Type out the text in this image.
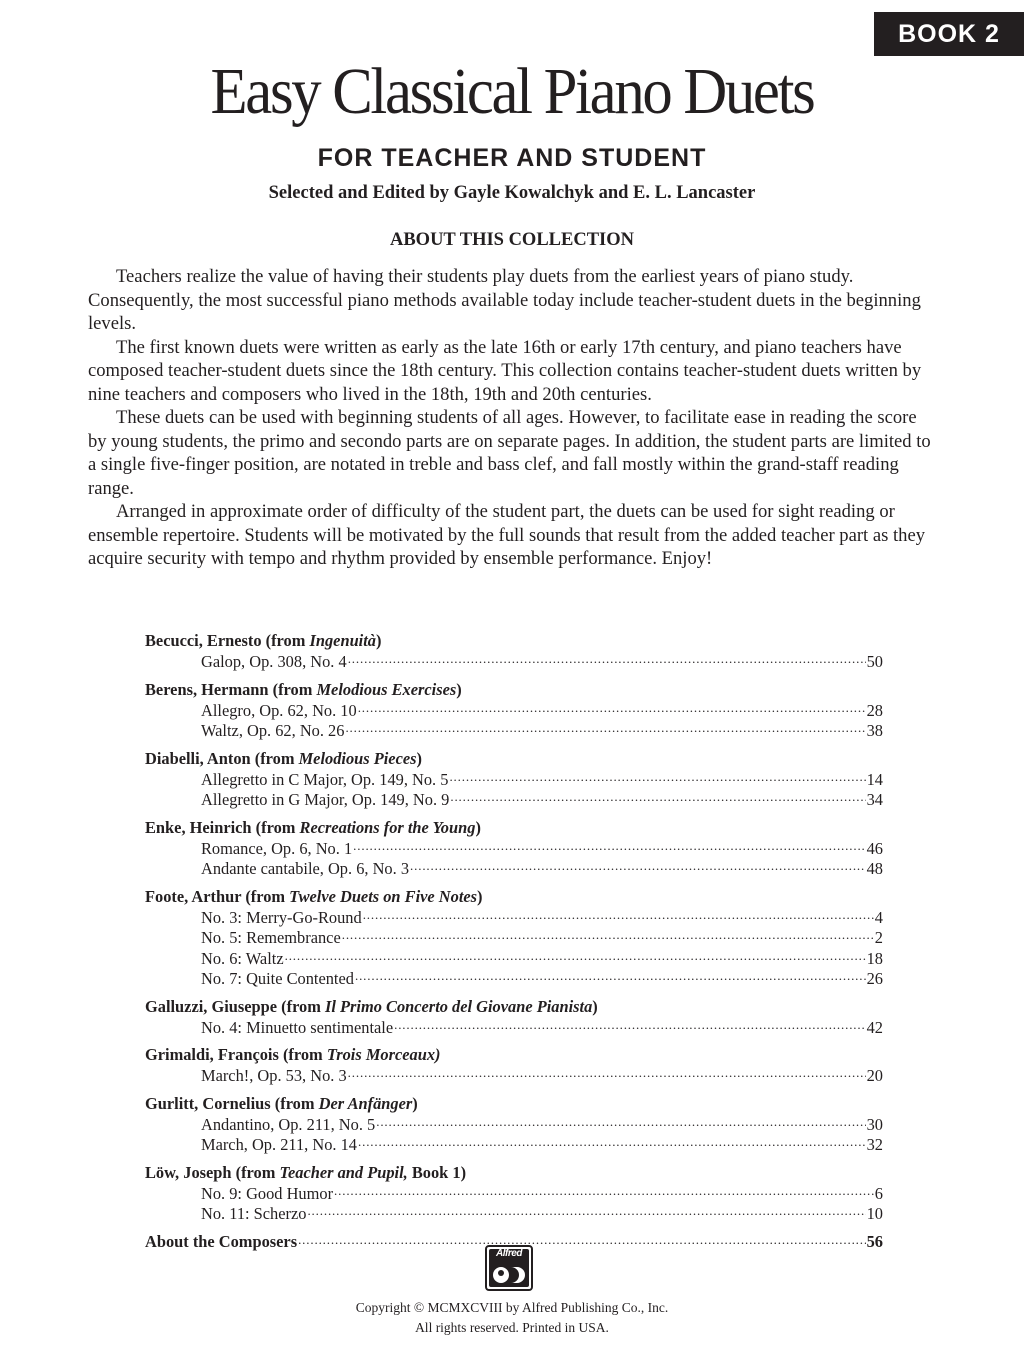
BOOK 2
Easy Classical Piano Duets
FOR TEACHER AND STUDENT
Selected and Edited by Gayle Kowalchyk and E. L. Lancaster
ABOUT THIS COLLECTION

Teachers realize the value of having their students play duets from the earliest years of piano study. Consequently, the most successful piano methods available today include teacher-student duets in the beginning levels.

The first known duets were written as early as the late 16th or early 17th century, and piano teachers have composed teacher-student duets since the 18th century. This collection contains teacher-student duets written by nine teachers and composers who lived in the 18th, 19th and 20th centuries.

These duets can be used with beginning students of all ages. However, to facilitate ease in reading the score by young students, the primo and secondo parts are on separate pages. In addition, the student parts are limited to a single five-finger position, are notated in treble and bass clef, and fall mostly within the grand-staff reading range.

Arranged in approximate order of difficulty of the student part, the duets can be used for sight reading or ensemble repertoire. Students will be motivated by the full sounds that result from the added teacher part as they acquire security with tempo and rhythm provided by ensemble performance. Enjoy!

Becucci, Ernesto (from Ingenuità)
Galop, Op. 308, No. 4 . . .	50
Berens, Hermann (from Melodious Exercises)
Allegro, Op. 62, No. 10 . . .	28
Waltz, Op. 62, No. 26 . . .	38
Diabelli, Anton (from Melodious Pieces)
Allegretto in C Major, Op. 149, No. 5 . . .	14
Allegretto in G Major, Op. 149, No. 9 . . .	34
Enke, Heinrich (from Recreations for the Young)
Romance, Op. 6, No. 1 . . .	46
Andante cantabile, Op. 6, No. 3 . . .	48
Foote, Arthur (from Twelve Duets on Five Notes)
No. 3: Merry-Go-Round . . .	4
No. 5: Remembrance . . .	2
No. 6: Waltz . . .	18
No. 7: Quite Contented . . .	26
Galluzzi, Giuseppe (from Il Primo Concerto del Giovane Pianista)
No. 4: Minuetto sentimentale . . .	42
Grimaldi, François (from Trois Morceaux)
March!, Op. 53, No. 3 . . .	20
Gurlitt, Cornelius (from Der Anfänger)
Andantino, Op. 211, No. 5 . . .	30
March, Op. 211, No. 14 . . .	32
Löw, Joseph (from Teacher and Pupil, Book 1)
No. 9: Good Humor . . .	6
No. 11: Scherzo . . .	10
About the Composers . . .	56
Alfred
Copyright © MCMXCVIII by Alfred Publishing Co., Inc.
All rights reserved. Printed in USA.
